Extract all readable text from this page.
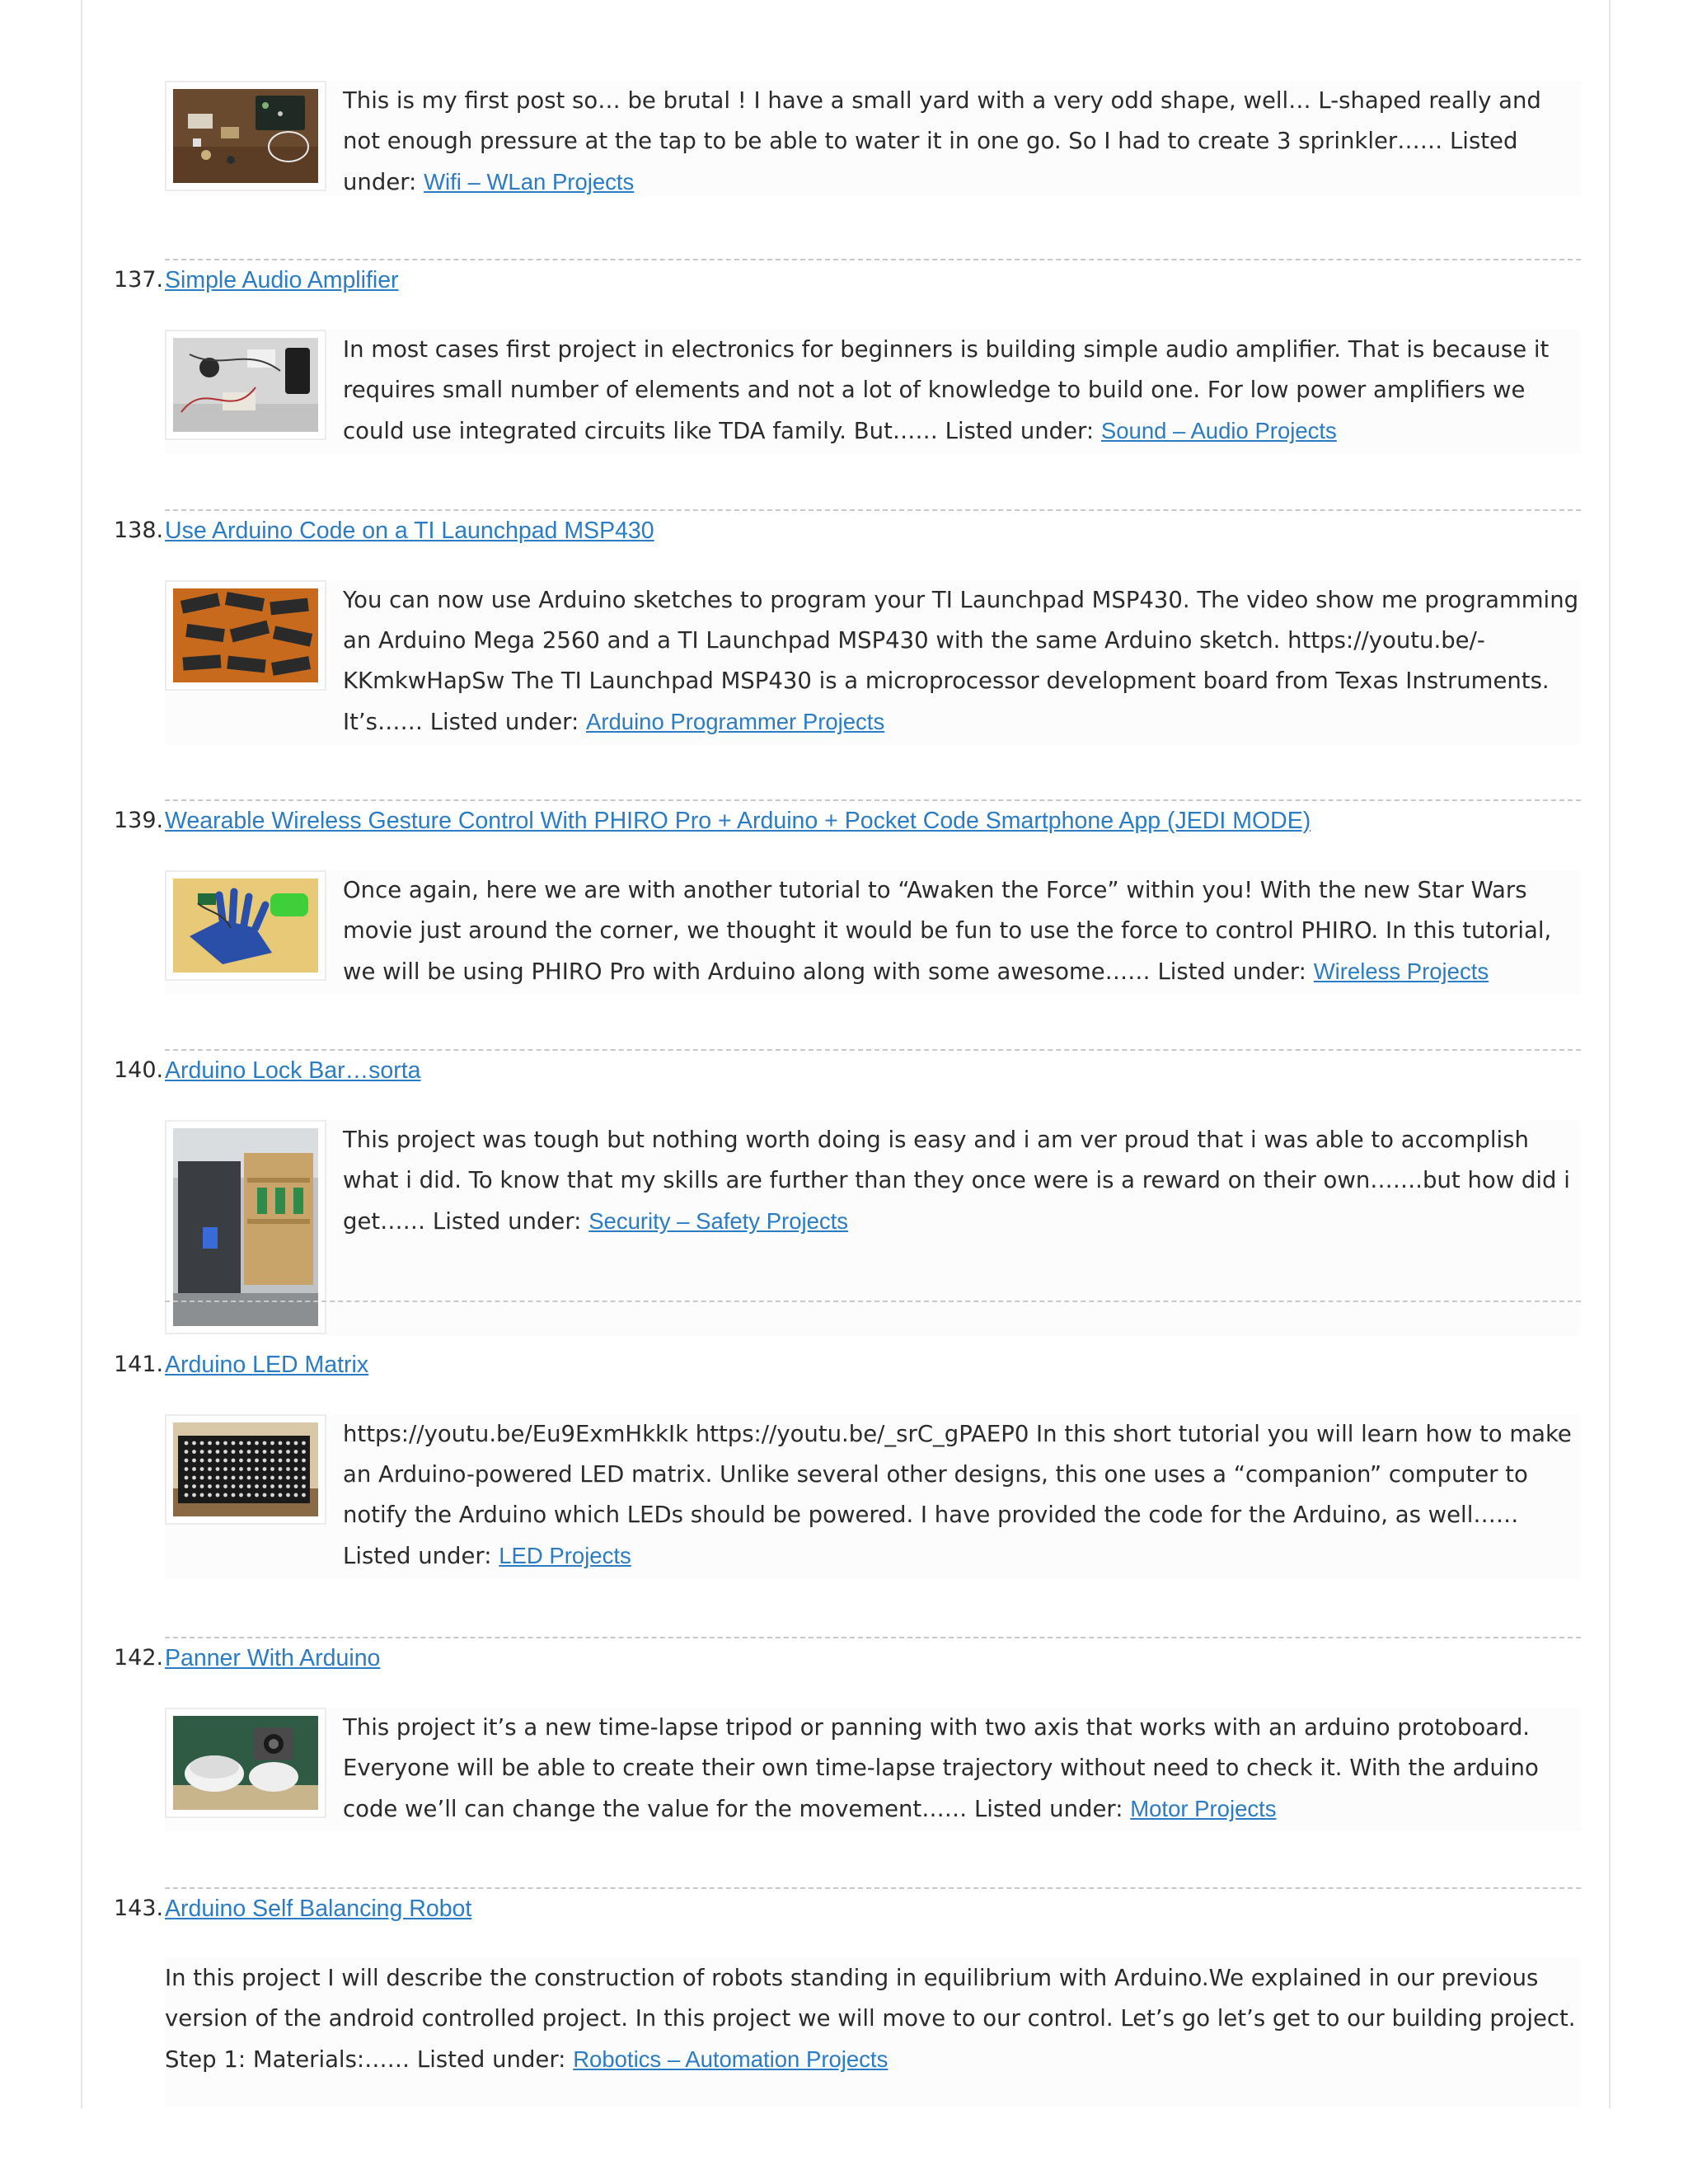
This is my first post so… be brutal ! I have a small yard with a very odd shape, well… L-shaped really and not enough pressure at the tap to be able to water it in one go. So I had to create 3 sprinkler…… Listed under: Wifi – WLan Projects

137. Simple Audio Amplifier

In most cases first project in electronics for beginners is building simple audio amplifier. That is because it requires small number of elements and not a lot of knowledge to build one. For low power amplifiers we could use integrated circuits like TDA family. But…… Listed under: Sound – Audio Projects

138. Use Arduino Code on a TI Launchpad MSP430

You can now use Arduino sketches to program your TI Launchpad MSP430. The video show me programming an Arduino Mega 2560 and a TI Launchpad MSP430 with the same Arduino sketch. https://youtu.be/-KKmkwHapSw The TI Launchpad MSP430 is a microprocessor development board from Texas Instruments. It’s…… Listed under: Arduino Programmer Projects

139. Wearable Wireless Gesture Control With PHIRO Pro + Arduino + Pocket Code Smartphone App (JEDI MODE)

Once again, here we are with another tutorial to “Awaken the Force” within you! With the new Star Wars movie just around the corner, we thought it would be fun to use the force to control PHIRO. In this tutorial, we will be using PHIRO Pro with Arduino along with some awesome…… Listed under: Wireless Projects

140. Arduino Lock Bar…sorta

This project was tough but nothing worth doing is easy and i am ver proud that i was able to accomplish what i did. To know that my skills are further than they once were is a reward on their own…….but how did i get…… Listed under: Security – Safety Projects

141. Arduino LED Matrix

https://youtu.be/Eu9ExmHkkIk https://youtu.be/_srC_gPAEP0 In this short tutorial you will learn how to make an Arduino-powered LED matrix. Unlike several other designs, this one uses a “companion” computer to notify the Arduino which LEDs should be powered. I have provided the code for the Arduino, as well…… Listed under: LED Projects

142. Panner With Arduino

This project it’s a new time-lapse tripod or panning with two axis that works with an arduino protoboard. Everyone will be able to create their own time-lapse trajectory without need to check it. With the arduino code we’ll can change the value for the movement…… Listed under: Motor Projects

143. Arduino Self Balancing Robot

In this project I will describe the construction of robots standing in equilibrium with Arduino.We explained in our previous version of the android controlled project. In this project we will move to our control. Let’s go let’s get to our building project. Step 1: Materials:…… Listed under: Robotics – Automation Projects
